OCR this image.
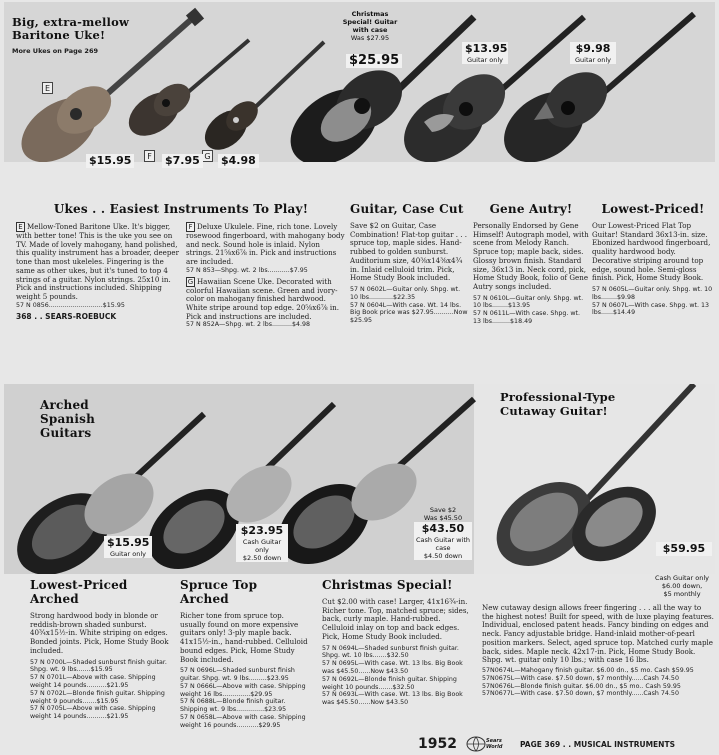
Big, extra-mellow Baritone Uke!
More Ukes on Page 269
E
F	G
$15.95	$7.95 $4.98
Christmas Special! Guitar with case
Was $27.95
$25.95
$13.95
Guitar only
$9.98
Guitar only
Ukes . . Easiest Instruments To Play!
E Mellow-Toned Baritone Uke. It's bigger, with better tone! This is the uke you see on TV. Made of lovely mahogany, hand polished, this quality instrument has a broader, deeper tone than most ukeleles. Fingering is the same as other ukes, but it's tuned to top 4 strings of a guitar. Nylon strings. 25x10 in. Pick and instructions included. Shipping weight 5 pounds.
57 N 0856...........................$15.95
368 . . SEARS-ROEBUCK
F Deluxe Ukulele. Fine, rich tone. Lovely rosewood fingerboard, with mahogany body and neck. Sound hole is inlaid. Nylon strings. 21⅝x6⅞ in. Pick and instructions are included.
57 N 853—Shpg. wt. 2 lbs...........$7.95
G Hawaiian Scene Uke. Decorated with colorful Hawaiian scene. Green and ivory-color on mahogany finished hardwood. White stripe around top edge. 20⅝x6⅞ in. Pick and instructions are included.
57 N 852A—Shpg. wt. 2 lbs..........$4.98
Guitar, Case Cut
Save $2 on Guitar, Case Combination! Flat-top guitar . . . spruce top, maple sides. Hand-rubbed to golden sunburst. Auditorium size, 40⅜x14⅜x4¾ in. Inlaid celluloid trim. Pick, Home Study Book included.
57 N 0602L—Guitar only. Shpg. wt. 10 lbs............$22.35
57 N 0604L—With case. Wt. 14 lbs. Big Book price was $27.95..........Now $25.95
Gene Autry!
Personally Endorsed by Gene Himself! Autograph model, with scene from Melody Ranch. Spruce top; maple back, sides. Glossy brown finish. Standard size, 36x13 in. Neck cord, pick, Home Study Book, folio of Gene Autry songs included.
57 N 0610L—Guitar only. Shpg. wt. 10 lbs........$13.95
57 N 0611L—With case. Shpg. wt. 13 lbs.........$18.49
Lowest-Priced!
Our Lowest-Priced Flat Top Guitar! Standard 36x13-in. size. Ebonized hardwood fingerboard, quality hardwood body. Decorative striping around top edge, sound hole. Semi-gloss finish. Pick, Home Study Book.
57 N 0605L—Guitar only. Shpg. wt. 10 lbs........$9.98
57 N 0607L—With case. Shpg. wt. 13 lbs......$14.49
Arched Spanish Guitars
Professional-Type Cutaway Guitar!
$15.95
Guitar only
$23.95
Cash Guitar only
$2.50 down
Save $2
Was $45.50
$43.50
Cash Guitar with case
$4.50 down
$59.95
Cash Guitar only
$6.00 down,
$5 monthly
Lowest-Priced Arched
Strong hardwood body in blonde or reddish-brown shaded sunburst. 40¾x15½-in. White striping on edges. Bonded joints. Pick, Home Study Book included.
57 N 0700L—Shaded sunburst finish guitar. Shpg. wt. 9 lbs.......$15.95
57 N 0701L—Above with case. Shipping weight 14 pounds..........$21.95
57 N 0702L—Blonde finish guitar. Shipping weight 9 pounds.......$15.95
57 N 0705L—Above with case. Shipping weight 14 pounds..........$21.95
Spruce Top Arched
Richer tone from spruce top. usually found on more expensive guitars only! 3-ply maple back. 41x15½-in., hand-rubbed. Celluloid bound edges. Pick, Home Study Book included.
57 N 0696L—Shaded sunburst finish guitar. Shpg. wt. 9 lbs.........$23.95
57 N 0666L—Above with case. Shipping weight 16 lbs..............$29.95
57 N 0688L—Blonde finish guitar. Shipping wt. 9 lbs..............$23.95
57 N 0658L—Above with case. Shipping weight 16 pounds...........$29.95
Christmas Special!
Cut $2.00 with case! Larger, 41x16¾-in. Richer tone. Top, matched spruce; sides, back, curly maple. Hand-rubbed. Celluloid inlay on top and back edges. Pick, Home Study Book included.
57 N 0694L—Shaded sunburst finish guitar. Shpg. wt. 10 lbs.......$32.50
57 N 0695L—With case. Wt. 13 lbs. Big Book was $45.50......Now $43.50
57 N 0692L—Blonde finish guitar. Shipping weight 10 pounds.......$32.50
57 N 0693L—With case. Wt. 13 lbs. Big Book was $45.50......Now $43.50
New cutaway design allows freer fingering . . . all the way to the highest notes! Built for speed, with de luxe playing features. Individual, enclosed patent heads. Fancy binding on edges and neck. Fancy adjustable bridge. Hand-inlaid mother-of-pearl position markers. Select, aged spruce top. Matched curly maple back, sides. Maple neck. 42x17-in. Pick, Home Study Book. Shpg. wt. guitar only 10 lbs.; with case 16 lbs.
57N0674L—Mahogany finish guitar. $6.00 dn., $5 mo. Cash $59.95
57N0675L—With case. $7.50 down, $7 monthly......Cash 74.50
57N0676L—Blonde finish guitar. $6.00 dn., $5 mo.. Cash 59.95
57N0677L—With case. $7.50 down, $7 monthly......Cash 74.50
1952	Sears World	PAGE 369 . . MUSICAL INSTRUMENTS
